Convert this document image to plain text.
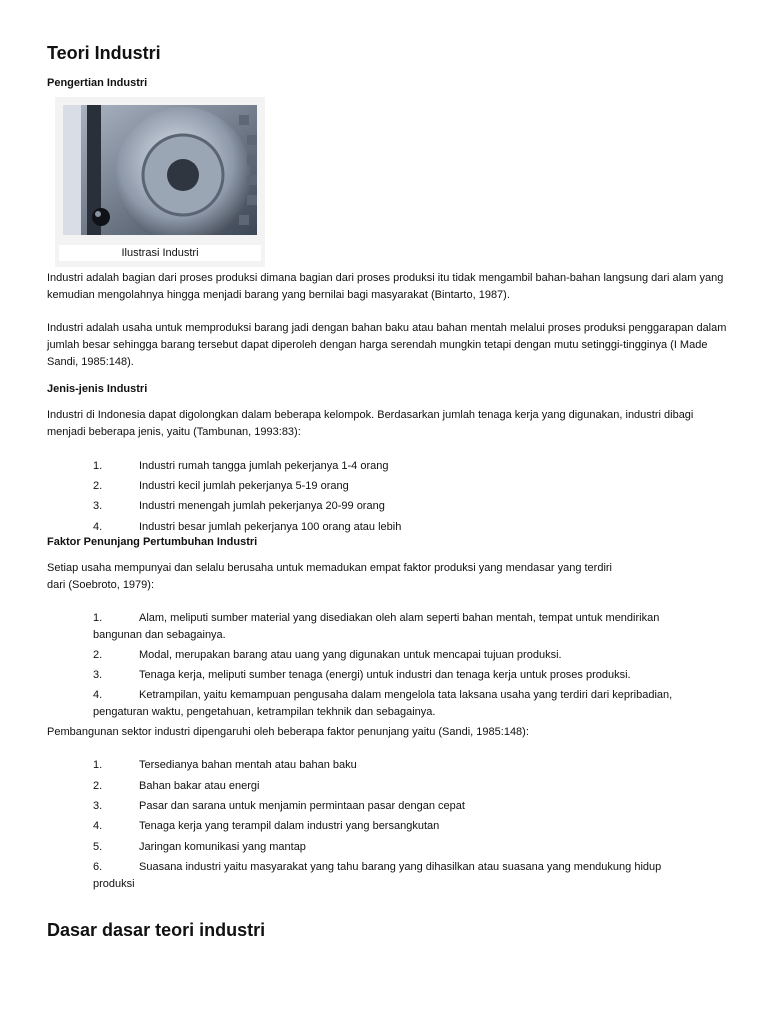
Teori Industri
Pengertian Industri
Ilustrasi Industri

Industri adalah bagian dari proses produksi dimana bagian dari proses produksi itu tidak mengambil bahan-bahan langsung dari alam yang kemudian mengolahnya hingga menjadi barang yang bernilai bagi masyarakat (Bintarto, 1987).

Industri adalah usaha untuk memproduksi barang jadi dengan bahan baku atau bahan mentah melalui proses produksi penggarapan dalam jumlah besar sehingga barang tersebut dapat diperoleh dengan harga serendah mungkin tetapi dengan mutu setinggi-tingginya (I Made Sandi, 1985:148).

Jenis-jenis Industri

Industri di Indonesia dapat digolongkan dalam beberapa kelompok. Berdasarkan jumlah tenaga kerja yang digunakan, industri dibagi menjadi beberapa jenis, yaitu (Tambunan, 1993:83):

1.	Industri rumah tangga jumlah pekerjanya 1-4 orang
2.	Industri kecil jumlah pekerjanya 5-19 orang
3.	Industri menengah jumlah pekerjanya 20-99 orang
4.	Industri besar jumlah pekerjanya 100 orang atau lebih
Faktor Penunjang Pertumbuhan Industri

Setiap usaha mempunyai dan selalu berusaha untuk memadukan empat faktor produksi yang mendasar yang terdiri

dari (Soebroto, 1979):

1.	Alam, meliputi sumber material yang disediakan oleh alam seperti bahan mentah, tempat untuk mendirikan
bangunan dan sebagainya.
2.	Modal, merupakan barang atau uang yang digunakan untuk mencapai tujuan produksi.
3.	Tenaga kerja, meliputi sumber tenaga (energi) untuk industri dan tenaga kerja untuk proses produksi.
4.	Ketrampilan, yaitu kemampuan pengusaha dalam mengelola tata laksana usaha yang terdiri dari kepribadian,
pengaturan waktu, pengetahuan, ketrampilan tekhnik dan sebagainya.

Pembangunan sektor industri dipengaruhi oleh beberapa faktor penunjang yaitu (Sandi, 1985:148):

1.	Tersedianya bahan mentah atau bahan baku
2.	Bahan bakar atau energi
3.	Pasar dan sarana untuk menjamin permintaan pasar dengan cepat
4.	Tenaga kerja yang terampil dalam industri yang bersangkutan
5.	Jaringan komunikasi yang mantap
6.	Suasana industri yaitu masyarakat yang tahu barang yang dihasilkan atau suasana yang mendukung hidup
produksi
Dasar dasar teori industri
